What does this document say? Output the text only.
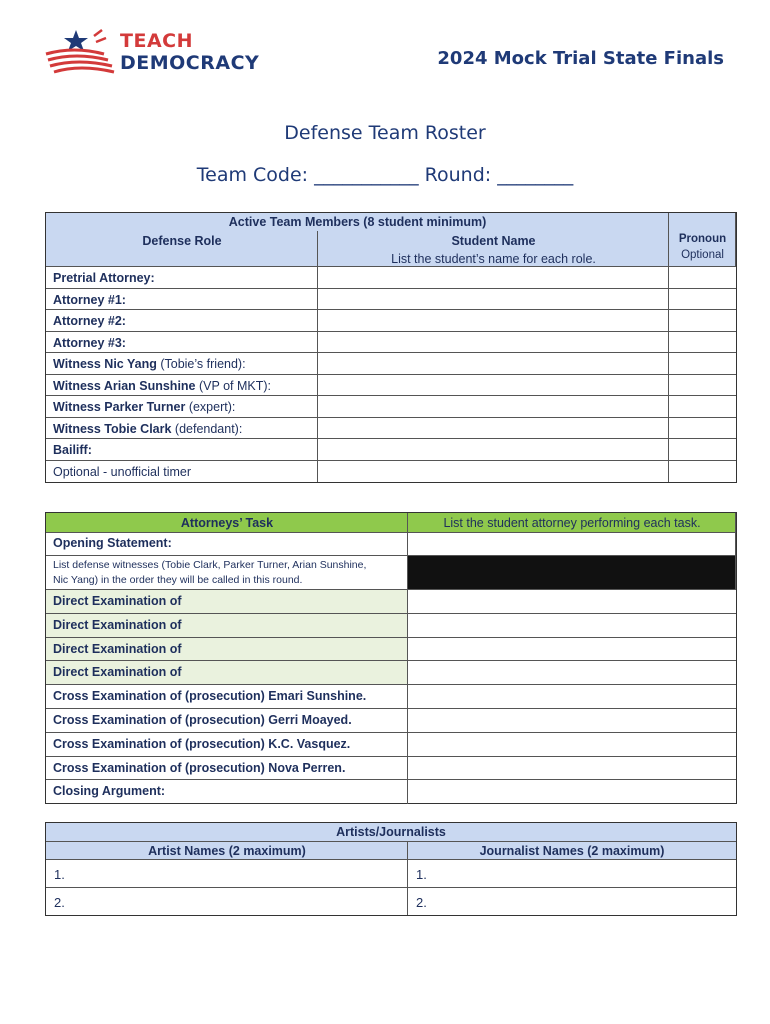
TEACH
DEMOCRACY	2024 Mock Trial State Finals
Defense Team Roster
Team Code: ___________ Round: ________
Active Team Members (8 student minimum)
Defense Role	Student Name
List the student’s name for each role.
Pronoun
Optional
Pretrial Attorney:
Attorney #1:
Attorney #2:
Attorney #3:
Witness Nic Yang (Tobie’s friend):
Witness Arian Sunshine (VP of MKT):
Witness Parker Turner (expert):
Witness Tobie Clark (defendant):
Bailiff:
Optional - unofficial timer
Attorneys’ Task	List the student attorney performing each task.
Opening Statement:
List defense witnesses (Tobie Clark, Parker Turner, Arian Sunshine,
Nic Yang) in the order they will be called in this round.
Direct Examination of
Direct Examination of
Direct Examination of
Direct Examination of
Cross Examination of (prosecution) Emari Sunshine.
Cross Examination of (prosecution) Gerri Moayed.
Cross Examination of (prosecution) K.C. Vasquez.
Cross Examination of (prosecution) Nova Perren.
Closing Argument:
Artists/Journalists
Artist Names (2 maximum)	Journalist Names (2 maximum)
1.	1.
2.	2.
